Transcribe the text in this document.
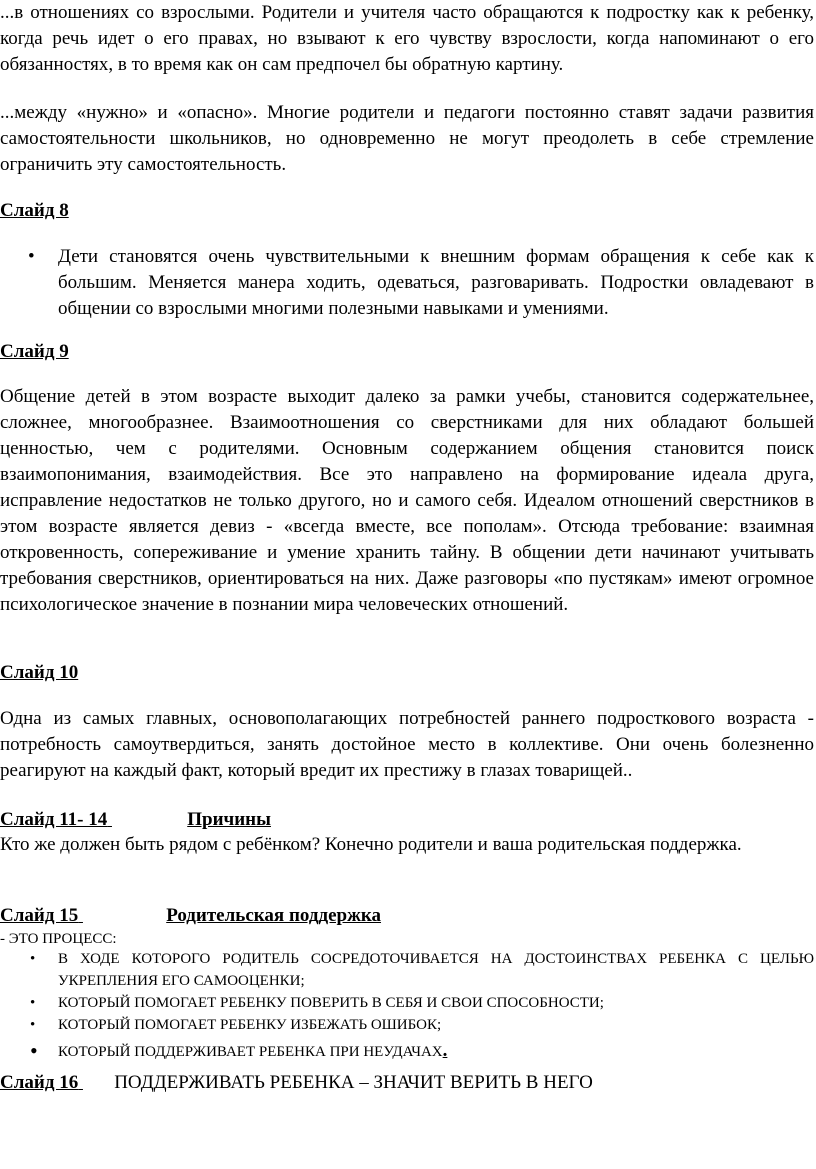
...в отношениях со взрослыми. Родители и учителя часто обращаются к подростку как к ребенку, когда речь идет о его правах, но взывают к его чувству взрослости, когда напоминают о его обязанностях, в то время как он сам предпочел бы обратную картину.

...между «нужно» и «опасно». Многие родители и педагоги постоянно ставят задачи развития самостоятельности школьников, но одновременно не могут преодолеть в себе стремление ограничить эту самостоятельность.

Слайд 8

• Дети становятся очень чувствительными к внешним формам обращения к себе как к большим. Меняется манера ходить, одеваться, разговаривать. Подростки овладевают в общении со взрослыми многими полезными навыками и умениями.

Слайд 9

Общение детей в этом возрасте выходит далеко за рамки учебы, становится содержательнее, сложнее, многообразнее. Взаимоотношения со сверстниками для них обладают большей ценностью, чем с родителями. Основным содержанием общения становится поиск взаимопонимания, взаимодействия. Все это направлено на формирование идеала друга, исправление недостатков не только другого, но и самого себя. Идеалом отношений сверстников в этом возрасте является девиз - «всегда вместе, все пополам». Отсюда требование: взаимная откровенность, сопереживание и умение хранить тайну. В общении дети начинают учитывать требования сверстников, ориентироваться на них. Даже разговоры «по пустякам» имеют огромное психологическое значение в познании мира человеческих отношений.

Слайд 10

Одна из самых главных, основополагающих потребностей раннего подросткового возраста - потребность самоутвердиться, занять достойное место в коллективе. Они очень болезненно реагируют на каждый факт, который вредит их престижу в глазах товарищей..

Слайд 11- 14	Причины

Кто же должен быть рядом с ребёнком? Конечно родители и ваша родительская поддержка.

Слайд 15	Родительская поддержка

- ЭТО ПРОЦЕСС:

• В ХОДЕ КОТОРОГО РОДИТЕЛЬ СОСРЕДОТОЧИВАЕТСЯ НА ДОСТОИНСТВАХ РЕБЕНКА С ЦЕЛЬЮ УКРЕПЛЕНИЯ ЕГО САМООЦЕНКИ;
• КОТОРЫЙ ПОМОГАЕТ РЕБЕНКУ ПОВЕРИТЬ В СЕБЯ И СВОИ СПОСОБНОСТИ;
• КОТОРЫЙ ПОМОГАЕТ РЕБЕНКУ ИЗБЕЖАТЬ ОШИБОК;
• КОТОРЫЙ ПОДДЕРЖИВАЕТ РЕБЕНКА ПРИ НЕУДАЧАХ.

Слайд 16 ПОДДЕРЖИВАТЬ РЕБЕНКА – ЗНАЧИТ ВЕРИТЬ В НЕГО
